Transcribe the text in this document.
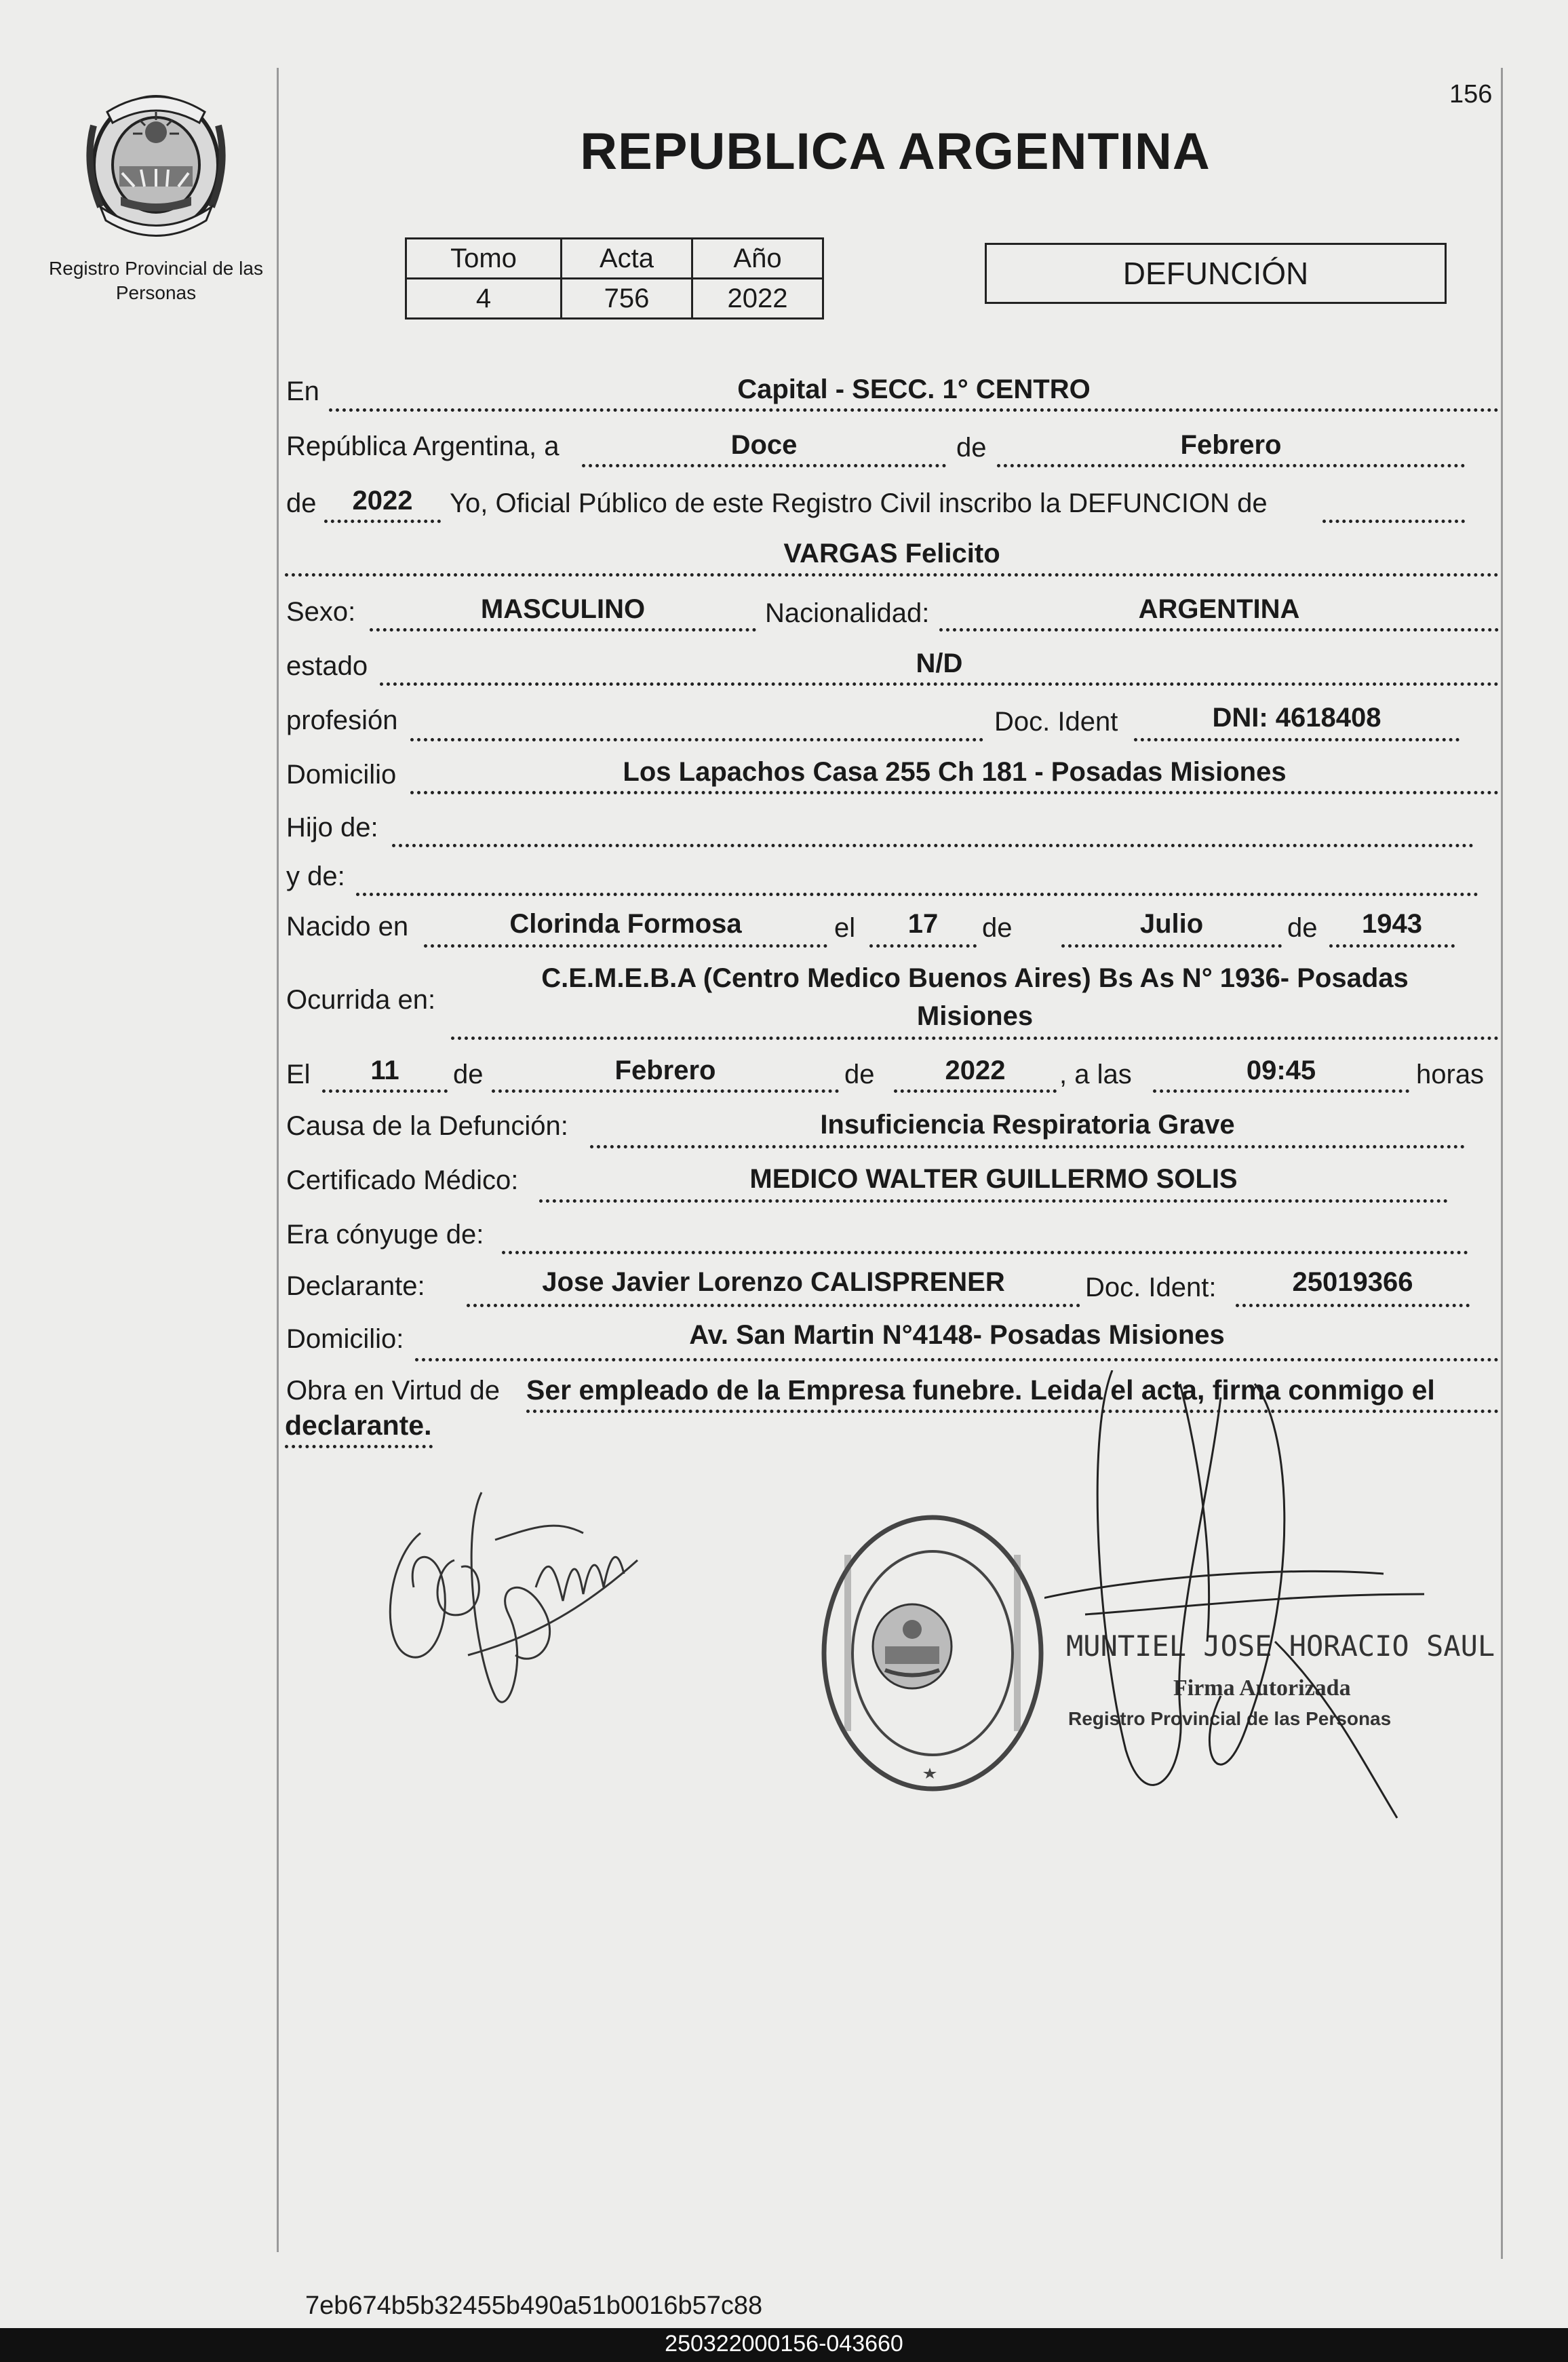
156
Registro Provincial de las Personas
REPUBLICA ARGENTINA
Tomo	Acta	Año
4	756	2022
DEFUNCIÓN
En	Capital - SECC. 1° CENTRO
República Argentina, a	Doce	de	Febrero
de	2022	Yo, Oficial Público de este Registro Civil inscribo la DEFUNCION de
VARGAS Felicito
Sexo:	MASCULINO	Nacionalidad:	ARGENTINA
estado	N/D
profesión	Doc. Ident	DNI: 4618408
Domicilio	Los Lapachos Casa 255 Ch 181 - Posadas Misiones
Hijo de:
y de:
Nacido en	Clorinda Formosa	el	17	de	Julio	de	1943
Ocurrida en:
C.E.M.E.B.A (Centro Medico Buenos Aires) Bs As N° 1936- Posadas
Misiones
El	11	de	Febrero	de	2022	, a las	09:45	horas
Causa de la Defunción:	Insuficiencia Respiratoria Grave
Certificado Médico:	MEDICO WALTER GUILLERMO SOLIS
Era cónyuge de:
Declarante:	Jose Javier Lorenzo CALISPRENER	Doc. Ident:	25019366
Domicilio:	Av. San Martin N°4148- Posadas Misiones
Obra en Virtud de Ser empleado de la Empresa funebre. Leida el acta, firma conmigo el
declarante.
MUNTIEL JOSE HORACIO SAUL
Firma Autorizada
Registro Provincial de las Personas
7eb674b5b32455b490a51b0016b57c88
250322000156-043660
